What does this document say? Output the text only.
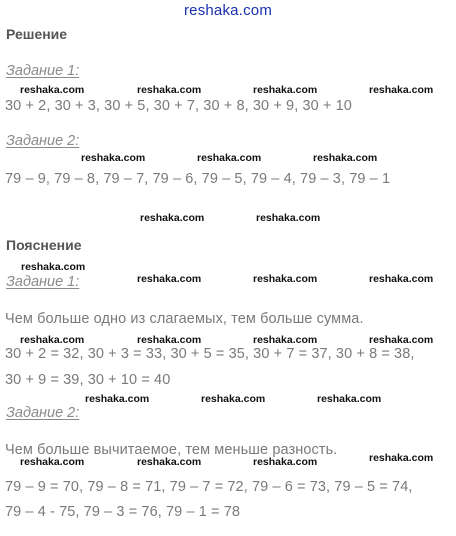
reshaka.com
Решение
Задание 1:
reshaka.com	reshaka.com	reshaka.com	reshaka.com
30 + 2, 30 + 3, 30 + 5, 30 + 7, 30 + 8, 30 + 9, 30 + 10
Задание 2:
reshaka.com	reshaka.com	reshaka.com
79 – 9, 79 – 8, 79 – 7, 79 – 6, 79 – 5, 79 – 4, 79 – 3, 79 – 1
reshaka.com	reshaka.com
Пояснение
reshaka.com
Задание 1:	reshaka.com	reshaka.com	reshaka.com
Чем больше одно из слагаемых, тем больше сумма.
reshaka.com	reshaka.com	reshaka.com	reshaka.com
30 + 2 = 32, 30 + 3 = 33, 30 + 5 = 35, 30 + 7 = 37, 30 + 8 = 38,
30 + 9 = 39, 30 + 10 = 40
reshaka.com	reshaka.com	reshaka.com
Задание 2:
Чем больше вычитаемое, тем меньше разность.
reshaka.com	reshaka.com	reshaka.com	reshaka.com
79 – 9 = 70, 79 – 8 = 71, 79 – 7 = 72, 79 – 6 = 73, 79 – 5 = 74,
79 – 4 - 75, 79 – 3 = 76, 79 – 1 = 78
